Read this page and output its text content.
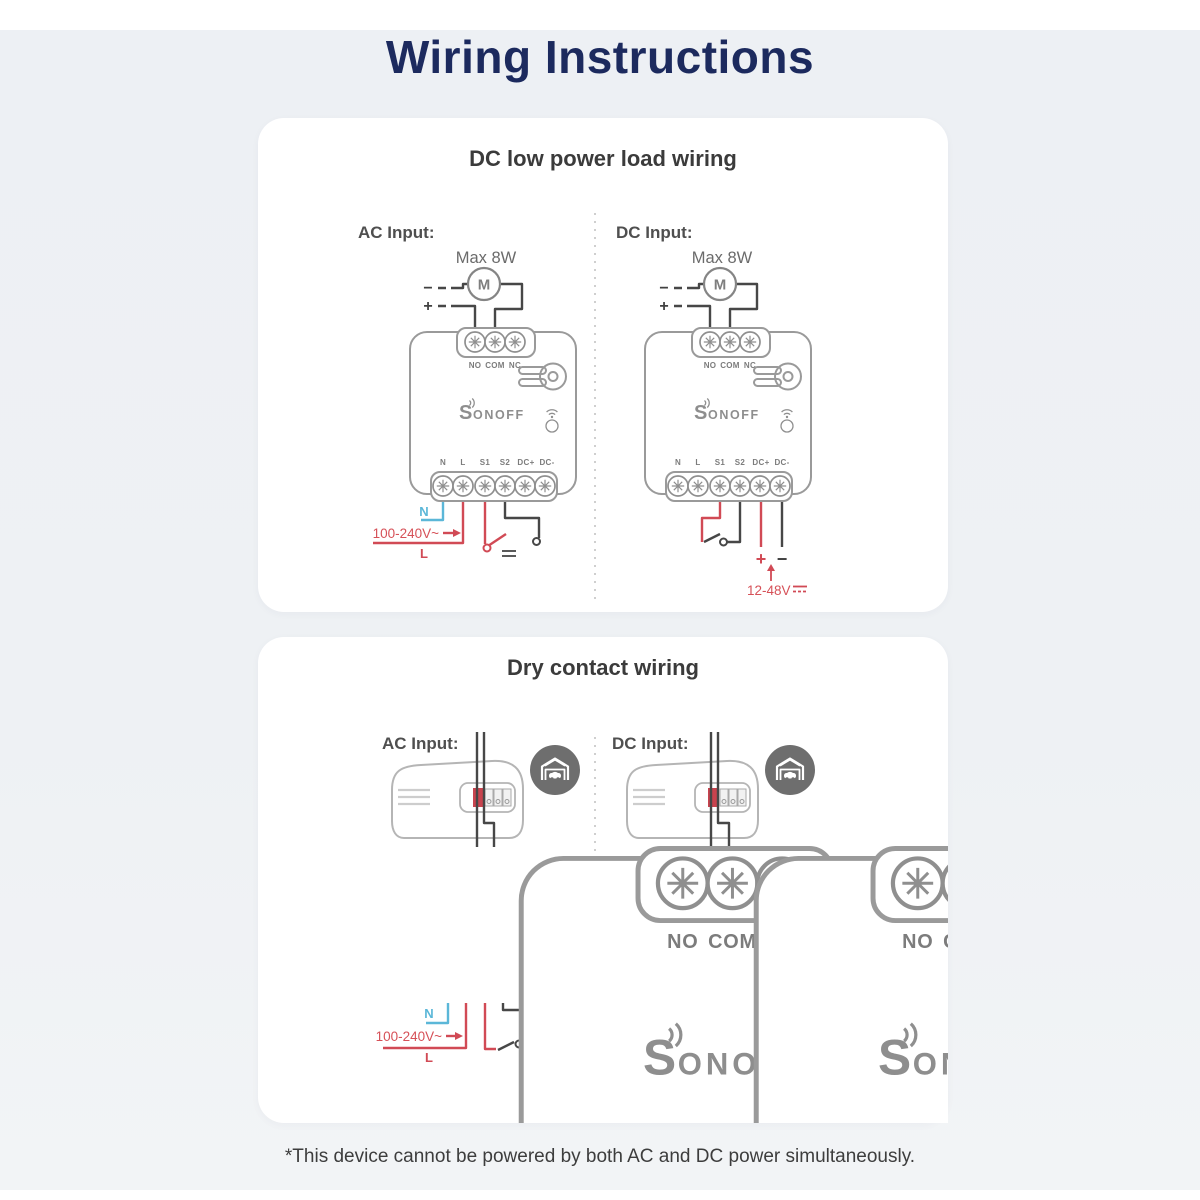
Wiring Instructions
DC low power load wiring
AC Input:
Max 8W
−
+
M
N
100-240V~
L
DC Input:
Max 8W
−
+
M
+ −
12-48V
Dry contact wiring
AC Input:
N
100-240V~
L
DC Input:
*This device cannot be powered by both AC and DC power simultaneously.
